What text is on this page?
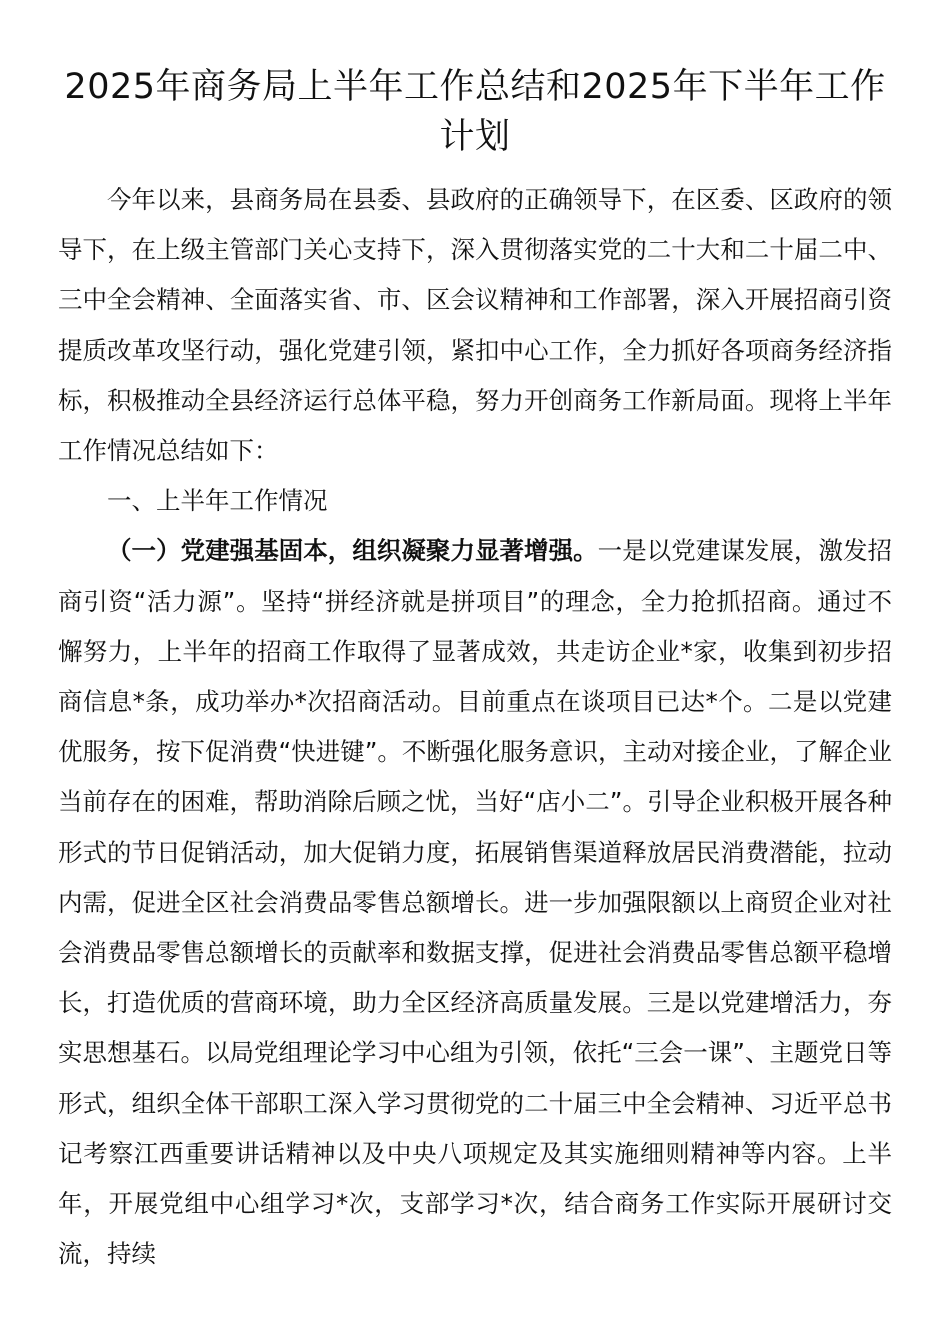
2025年商务局上半年工作总结和2025年下半年工作计划

今年以来，县商务局在县委、县政府的正确领导下，在区委、区政府的领导下，在上级主管部门关心支持下，深入贯彻落实党的二十大和二十届二中、三中全会精神、全面落实省、市、区会议精神和工作部署，深入开展招商引资提质改革攻坚行动，强化党建引领，紧扣中心工作，全力抓好各项商务经济指标，积极推动全县经济运行总体平稳，努力开创商务工作新局面。现将上半年工作情况总结如下：

一、上半年工作情况

（一）党建强基固本，组织凝聚力显著增强。一是以党建谋发展，激发招商引资“活力源”。坚持“拼经济就是拼项目”的理念，全力抢抓招商。通过不懈努力，上半年的招商工作取得了显著成效，共走访企业*家，收集到初步招商信息*条，成功举办*次招商活动。目前重点在谈项目已达*个。二是以党建优服务，按下促消费“快进键”。不断强化服务意识，主动对接企业，了解企业当前存在的困难，帮助消除后顾之忧，当好“店小二”。引导企业积极开展各种形式的节日促销活动，加大促销力度，拓展销售渠道释放居民消费潜能，拉动内需，促进全区社会消费品零售总额增长。进一步加强限额以上商贸企业对社会消费品零售总额增长的贡献率和数据支撑，促进社会消费品零售总额平稳增长，打造优质的营商环境，助力全区经济高质量发展。三是以党建增活力，夯实思想基石。以局党组理论学习中心组为引领，依托“三会一课”、主题党日等形式，组织全体干部职工深入学习贯彻党的二十届三中全会精神、习近平总书记考察江西重要讲话精神以及中央八项规定及其实施细则精神等内容。上半年，开展党组中心组学习*次，支部学习*次，结合商务工作实际开展研讨交流，持续
